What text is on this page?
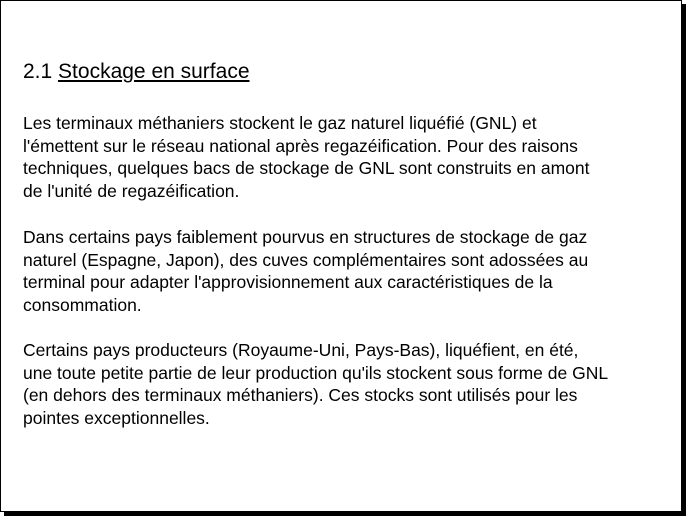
2.1 Stockage en surface

Les terminaux méthaniers stockent le gaz naturel liquéfié (GNL) et
l'émettent sur le réseau national après regazéification. Pour des raisons
techniques, quelques bacs de stockage de GNL sont construits en amont
de l'unité de regazéification.

Dans certains pays faiblement pourvus en structures de stockage de gaz
naturel (Espagne, Japon), des cuves complémentaires sont adossées au
terminal pour adapter l'approvisionnement aux caractéristiques de la
consommation.

Certains pays producteurs (Royaume-Uni, Pays-Bas), liquéfient, en été,
une toute petite partie de leur production qu'ils stockent sous forme de GNL
(en dehors des terminaux méthaniers). Ces stocks sont utilisés pour les
pointes exceptionnelles.
